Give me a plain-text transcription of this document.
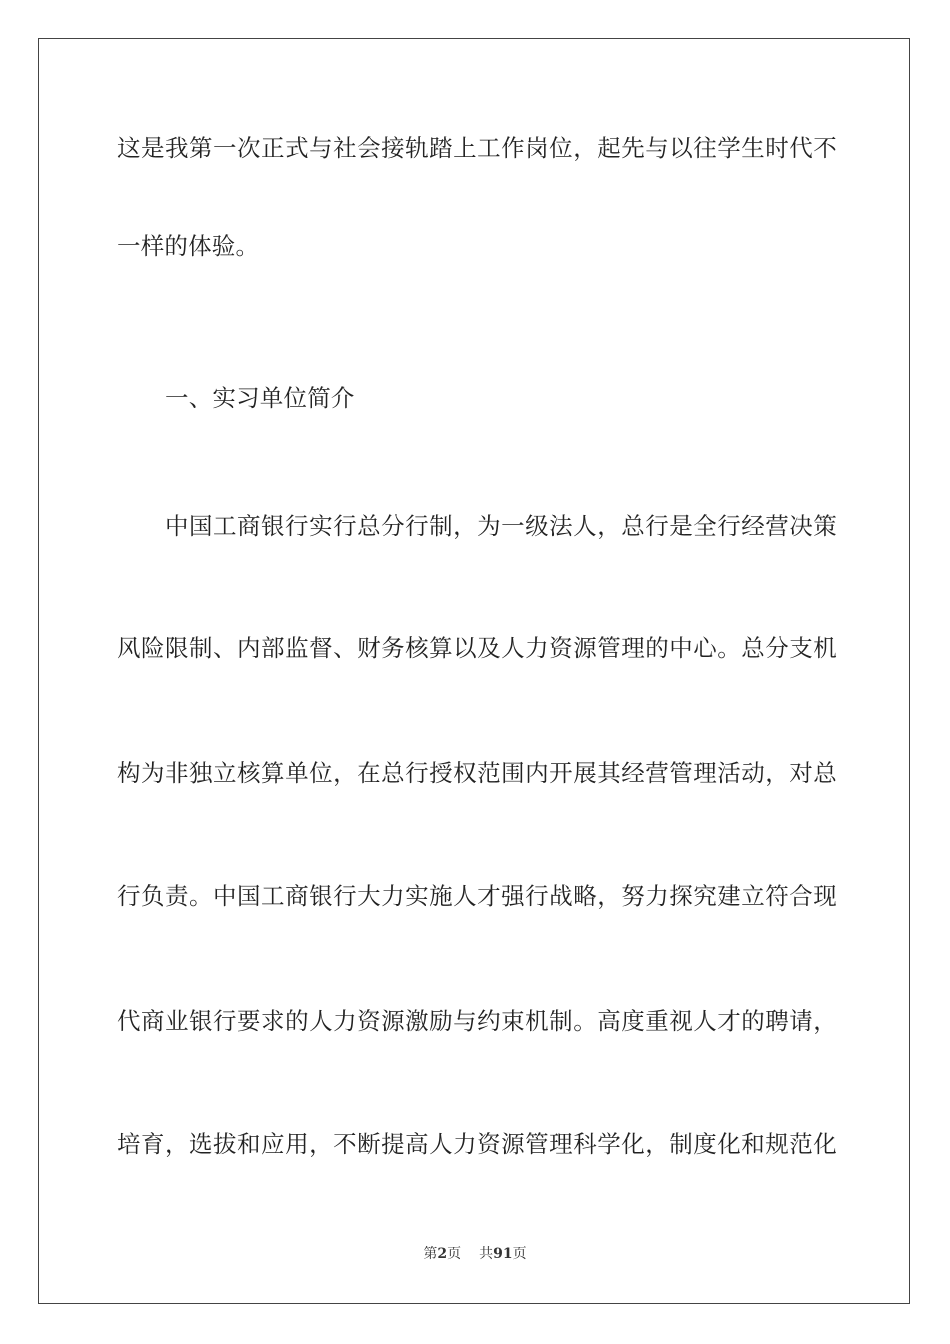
这是我第一次正式与社会接轨踏上工作岗位，起先与以往学生时代不
一样的体验。
一、实习单位简介
中国工商银行实行总分行制，为一级法人，总行是全行经营决策
风险限制、内部监督、财务核算以及人力资源管理的中心。总分支机
构为非独立核算单位，在总行授权范围内开展其经营管理活动，对总
行负责。中国工商银行大力实施人才强行战略，努力探究建立符合现
代商业银行要求的人力资源激励与约束机制。高度重视人才的聘请，
培育，选拔和应用，不断提高人力资源管理科学化，制度化和规范化
第2页 共91页
